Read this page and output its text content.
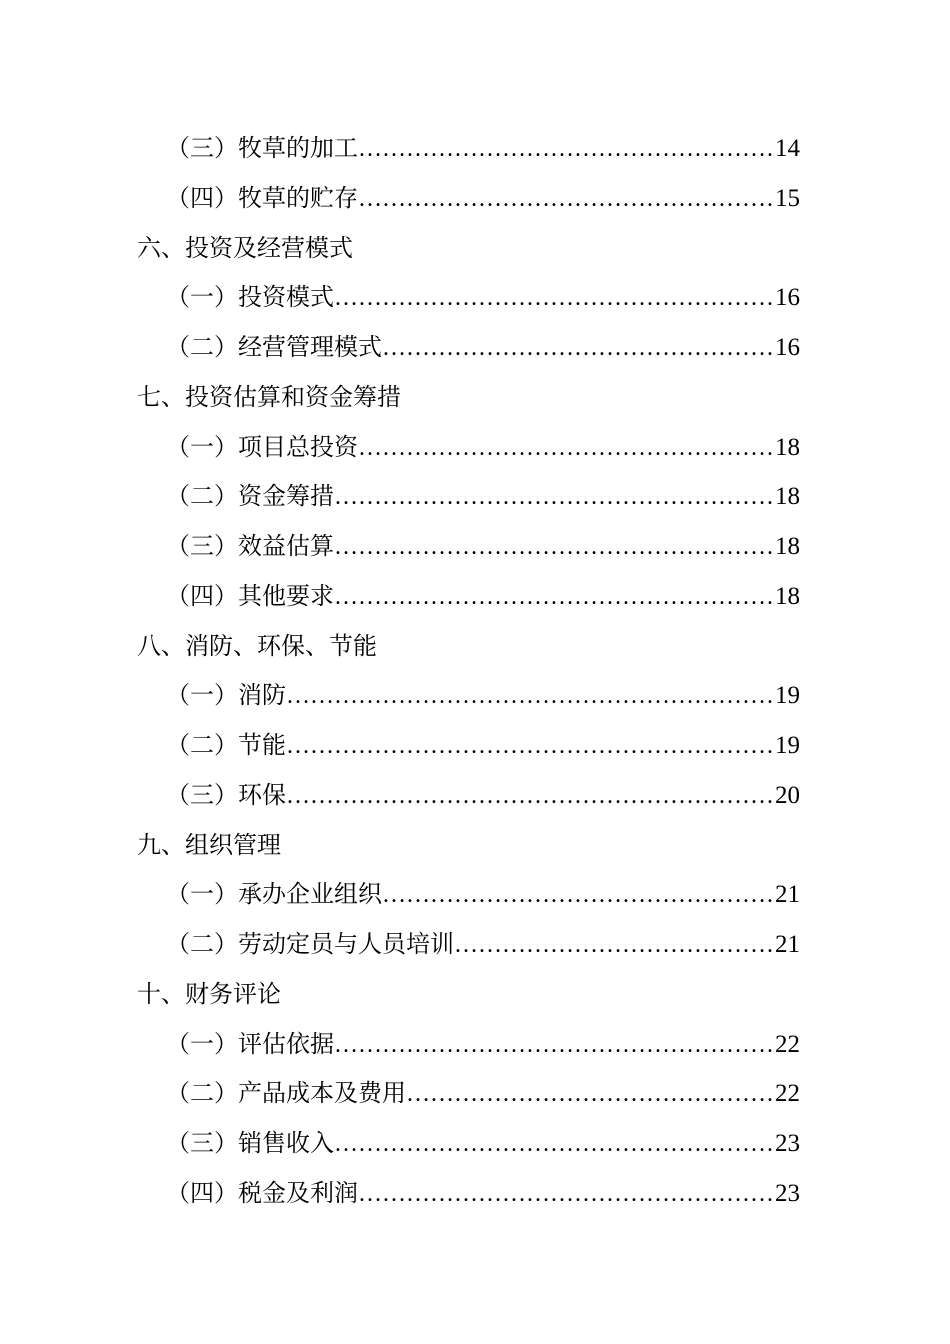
（三）牧草的加工 …………………………………………………………………………………………………………………………………………………………	14
（四）牧草的贮存 …………………………………………………………………………………………………………………………………………………………	15
六、投资及经营模式
（一）投资模式 …………………………………………………………………………………………………………………………………………………………	16
（二）经营管理模式 …………………………………………………………………………………………………………………………………………………………	16
七、投资估算和资金筹措
（一）项目总投资 …………………………………………………………………………………………………………………………………………………………	18
（二）资金筹措 …………………………………………………………………………………………………………………………………………………………	18
（三）效益估算 …………………………………………………………………………………………………………………………………………………………	18
（四）其他要求 …………………………………………………………………………………………………………………………………………………………	18
八、消防、环保、节能
（一）消防 …………………………………………………………………………………………………………………………………………………………	19
（二）节能 …………………………………………………………………………………………………………………………………………………………	19
（三）环保 …………………………………………………………………………………………………………………………………………………………	20
九、组织管理
（一）承办企业组织 …………………………………………………………………………………………………………………………………………………………	21
（二）劳动定员与人员培训 …………………………………………………………………………………………………………………………………………………………	21
十、财务评论
（一）评估依据 …………………………………………………………………………………………………………………………………………………………	22
（二）产品成本及费用 …………………………………………………………………………………………………………………………………………………………	22
（三）销售收入 …………………………………………………………………………………………………………………………………………………………	23
（四）税金及利润 …………………………………………………………………………………………………………………………………………………………	23
